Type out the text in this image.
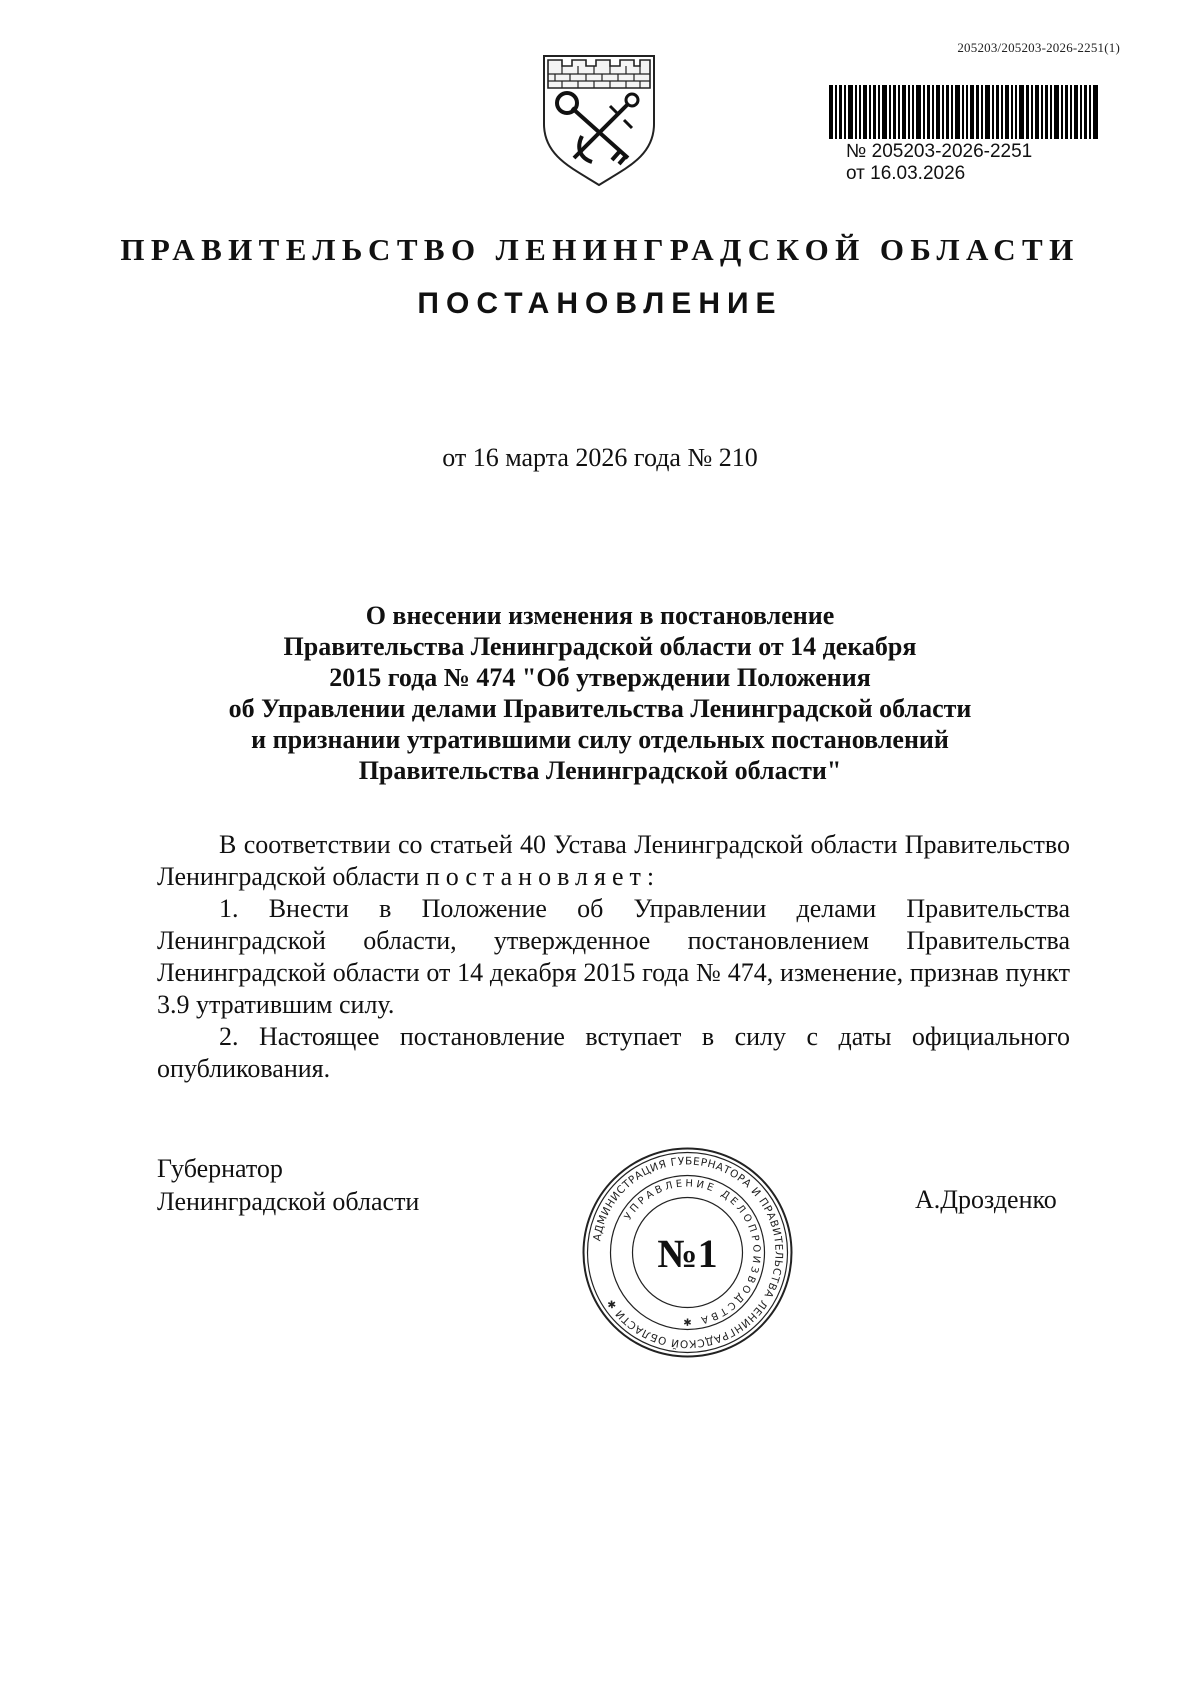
205203/205203-2026-2251(1)
№ 205203-2026-2251
от 16.03.2026
ПРАВИТЕЛЬСТВО ЛЕНИНГРАДСКОЙ ОБЛАСТИ
ПОСТАНОВЛЕНИЕ
от 16 марта 2026 года № 210
О внесении изменения в постановление
Правительства Ленинградской области от 14 декабря
2015 года № 474 "Об утверждении Положения
об Управлении делами Правительства Ленинградской области
и признании утратившими силу отдельных постановлений
Правительства Ленинградской области"

В соответствии со статьей 40 Устава Ленинградской области Правительство Ленинградской области постановляет:

1. Внести в Положение об Управлении делами Правительства Ленинградской области, утвержденное постановлением Правительства Ленинградской области от 14 декабря 2015 года № 474, изменение, признав пункт 3.9 утратившим силу.

2. Настоящее постановление вступает в силу с даты официального опубликования.

Губернатор
Ленинградской области	А.Дрозденко
АДМИНИСТРАЦИЯ ГУБЕРНАТОРА И ПРАВИТЕЛЬСТВА ЛЕНИНГРАДСКОЙ ОБЛАСТИ ✱
УПРАВЛЕНИЕ ДЕЛОПРОИЗВОДСТВА ✱
№1
